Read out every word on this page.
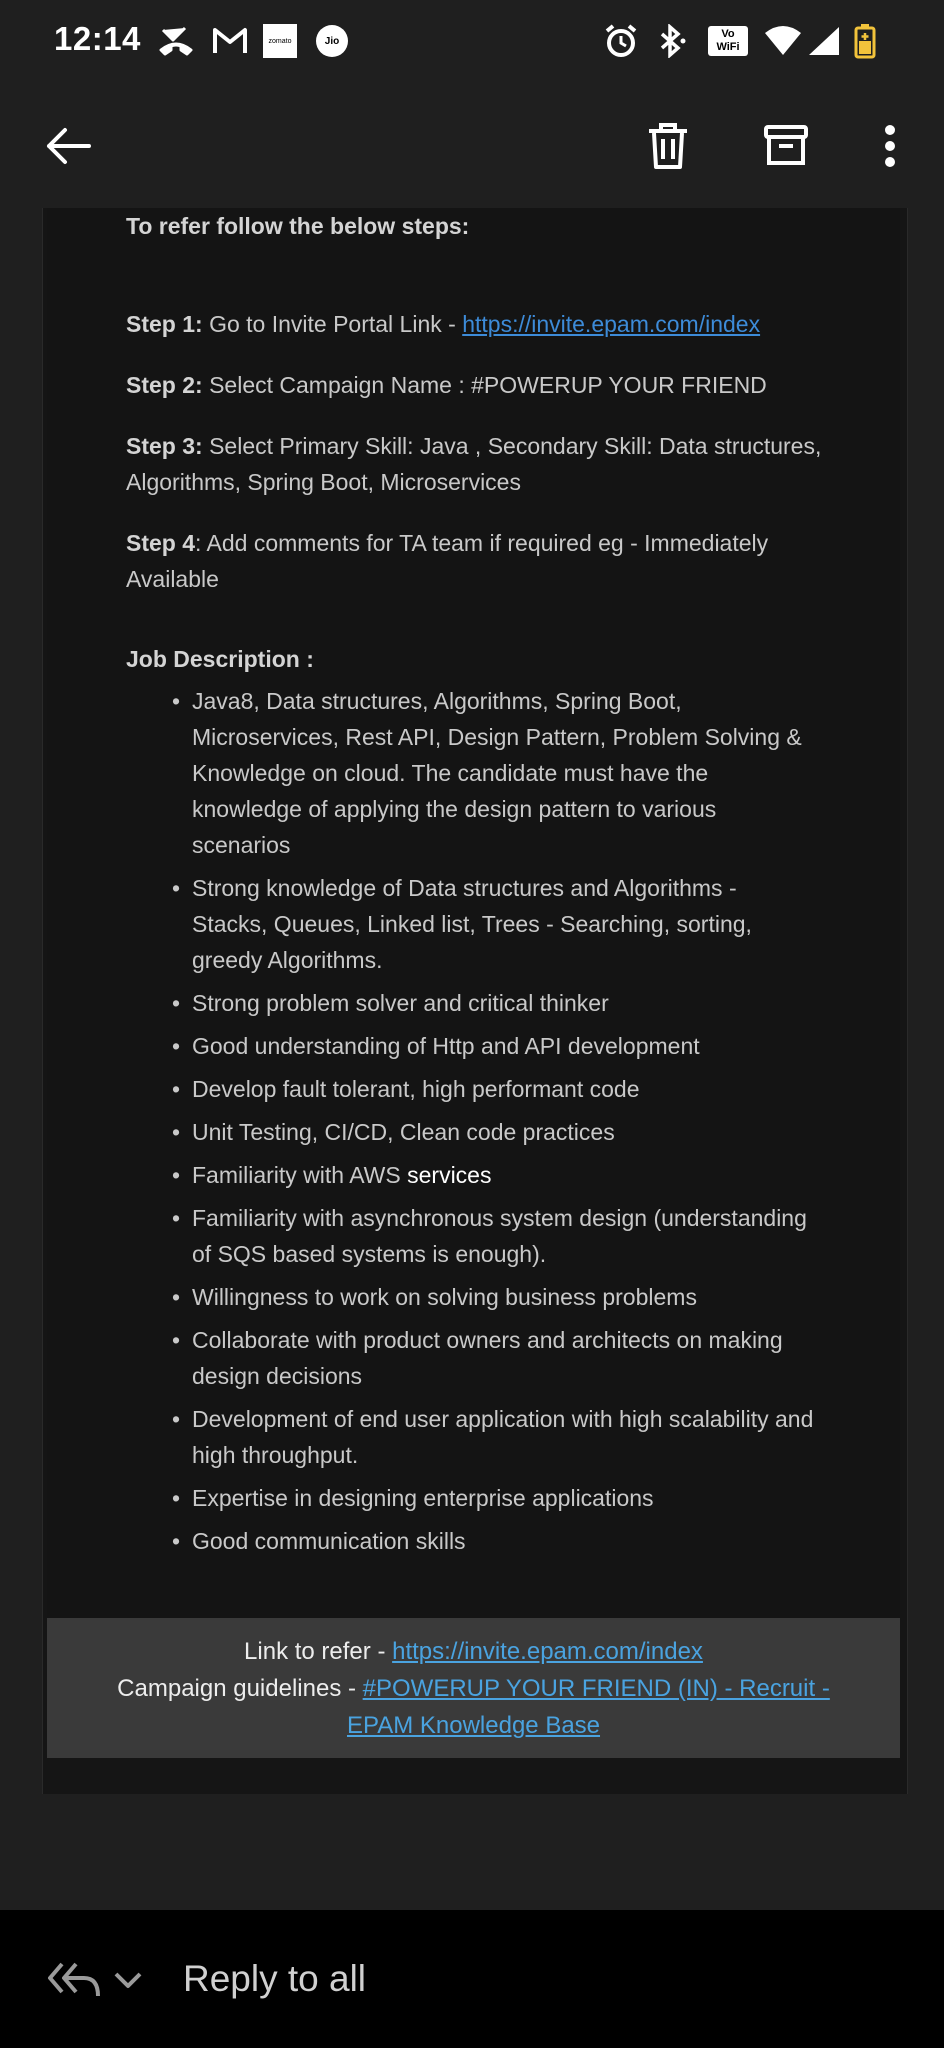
12:14	zomato	Jio
Vo
WiFi
To refer follow the below steps:
Step 1: Go to Invite Portal Link - https://invite.epam.com/index
Step 2: Select Campaign Name : #POWERUP YOUR FRIEND
Step 3: Select Primary Skill: Java , Secondary Skill: Data structures, Algorithms, Spring Boot, Microservices
Step 4: Add comments for TA team if required eg - Immediately Available
Job Description :
• Java8, Data structures, Algorithms, Spring Boot, Microservices, Rest API, Design Pattern, Problem Solving & Knowledge on cloud. The candidate must have the knowledge of applying the design pattern to various scenarios
• Strong knowledge of Data structures and Algorithms - Stacks, Queues, Linked list, Trees - Searching, sorting, greedy Algorithms.
• Strong problem solver and critical thinker
• Good understanding of Http and API development
• Develop fault tolerant, high performant code
• Unit Testing, CI/CD, Clean code practices
• Familiarity with AWS services
• Familiarity with asynchronous system design (understanding of SQS based systems is enough).
• Willingness to work on solving business problems
• Collaborate with product owners and architects on making design decisions
• Development of end user application with high scalability and high throughput.
• Expertise in designing enterprise applications
• Good communication skills
Link to refer - https://invite.epam.com/index
Campaign guidelines - #POWERUP YOUR FRIEND (IN) - Recruit - EPAM Knowledge Base
Reply to all
